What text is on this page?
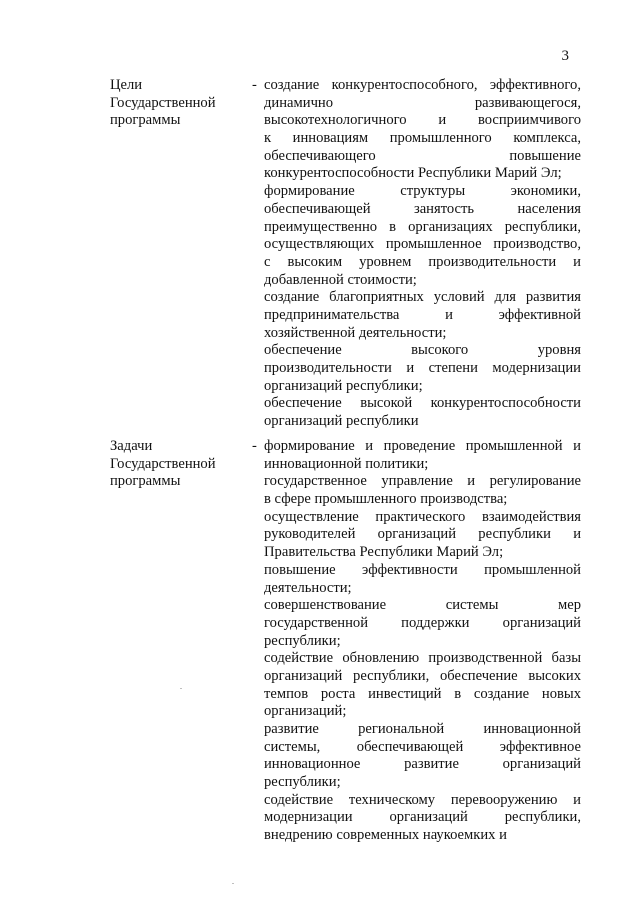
3
Цели
Государственной
программы
- создание конкурентоспособного, эффективного,
динамично развивающегося,
высокотехнологичного и восприимчивого
к инновациям промышленного комплекса,
обеспечивающего повышение
конкурентоспособности Республики Марий Эл;
формирование структуры экономики,
обеспечивающей занятость населения
преимущественно в организациях республики,
осуществляющих промышленное производство,
с высоким уровнем производительности и
добавленной стоимости;
создание благоприятных условий для развития
предпринимательства и эффективной
хозяйственной деятельности;
обеспечение высокого уровня
производительности и степени модернизации
организаций республики;
обеспечение высокой конкурентоспособности
организаций республики
Задачи
Государственной
программы
- формирование и проведение промышленной и
инновационной политики;
государственное управление и регулирование
в сфере промышленного производства;
осуществление практического взаимодействия
руководителей организаций республики и
Правительства Республики Марий Эл;
повышение эффективности промышленной
деятельности;
совершенствование системы мер
государственной поддержки организаций
республики;
содействие обновлению производственной базы
организаций республики, обеспечение высоких
темпов роста инвестиций в создание новых
организаций;
развитие региональной инновационной
системы, обеспечивающей эффективное
инновационное развитие организаций
республики;
содействие техническому перевооружению и
модернизации организаций республики,
внедрению современных наукоемких и
